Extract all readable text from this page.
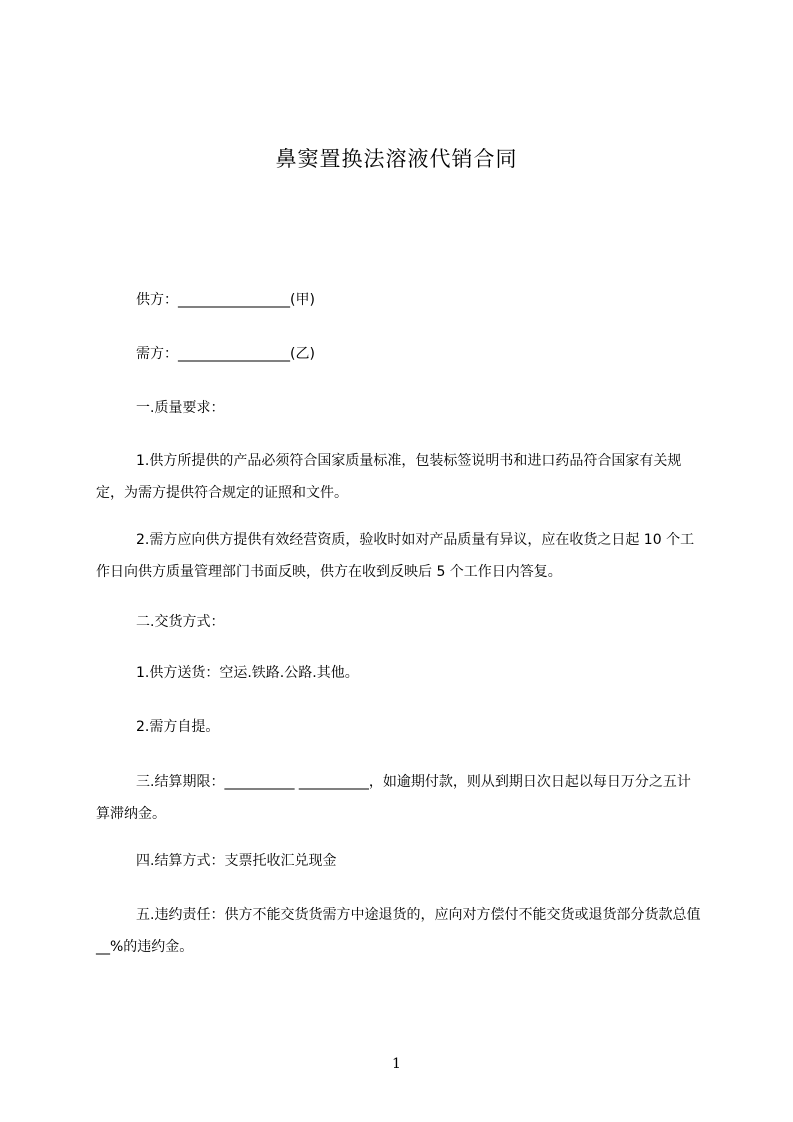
鼻窦置换法溶液代销合同

供方：________________(甲)

需方：________________(乙)

一.质量要求：

1.供方所提供的产品必须符合国家质量标准，包装标签说明书和进口药品符合国家有关规定，为需方提供符合规定的证照和文件。

2.需方应向供方提供有效经营资质，验收时如对产品质量有异议，应在收货之日起 10 个工作日向供方质量管理部门书面反映，供方在收到反映后 5 个工作日内答复。

二.交货方式：

1.供方送货：空运.铁路.公路.其他。

2.需方自提。

三.结算期限：__________ __________，如逾期付款，则从到期日次日起以每日万分之五计算滞纳金。

四.结算方式：支票托收汇兑现金

五.违约责任：供方不能交货货需方中途退货的，应向对方偿付不能交货或退货部分货款总值__%的违约金。

1
